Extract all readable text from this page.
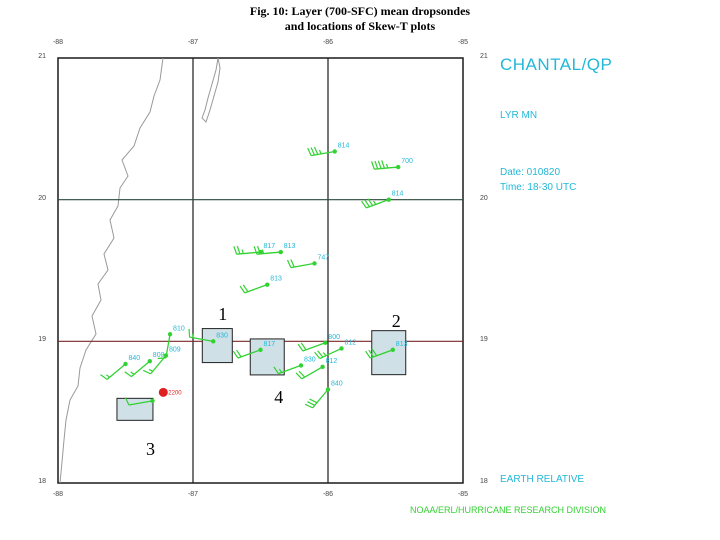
Fig. 10: Layer (700-SFC) mean dropsondes
and locations of Skew-T plots
814
700
814
817 813
747
813
810
830
809
840 800
817
800
812	813
812
830
840
2200
-88
-88
-87
-87
-86
-86
-85
-85
21	21
20	20
19	19
18	18
1	2
3
4
CHANTAL/QP
LYR MN
Date: 010820
Time: 18-30 UTC
EARTH RELATIVE
NOAA/ERL/HURRICANE RESEARCH DIVISION
